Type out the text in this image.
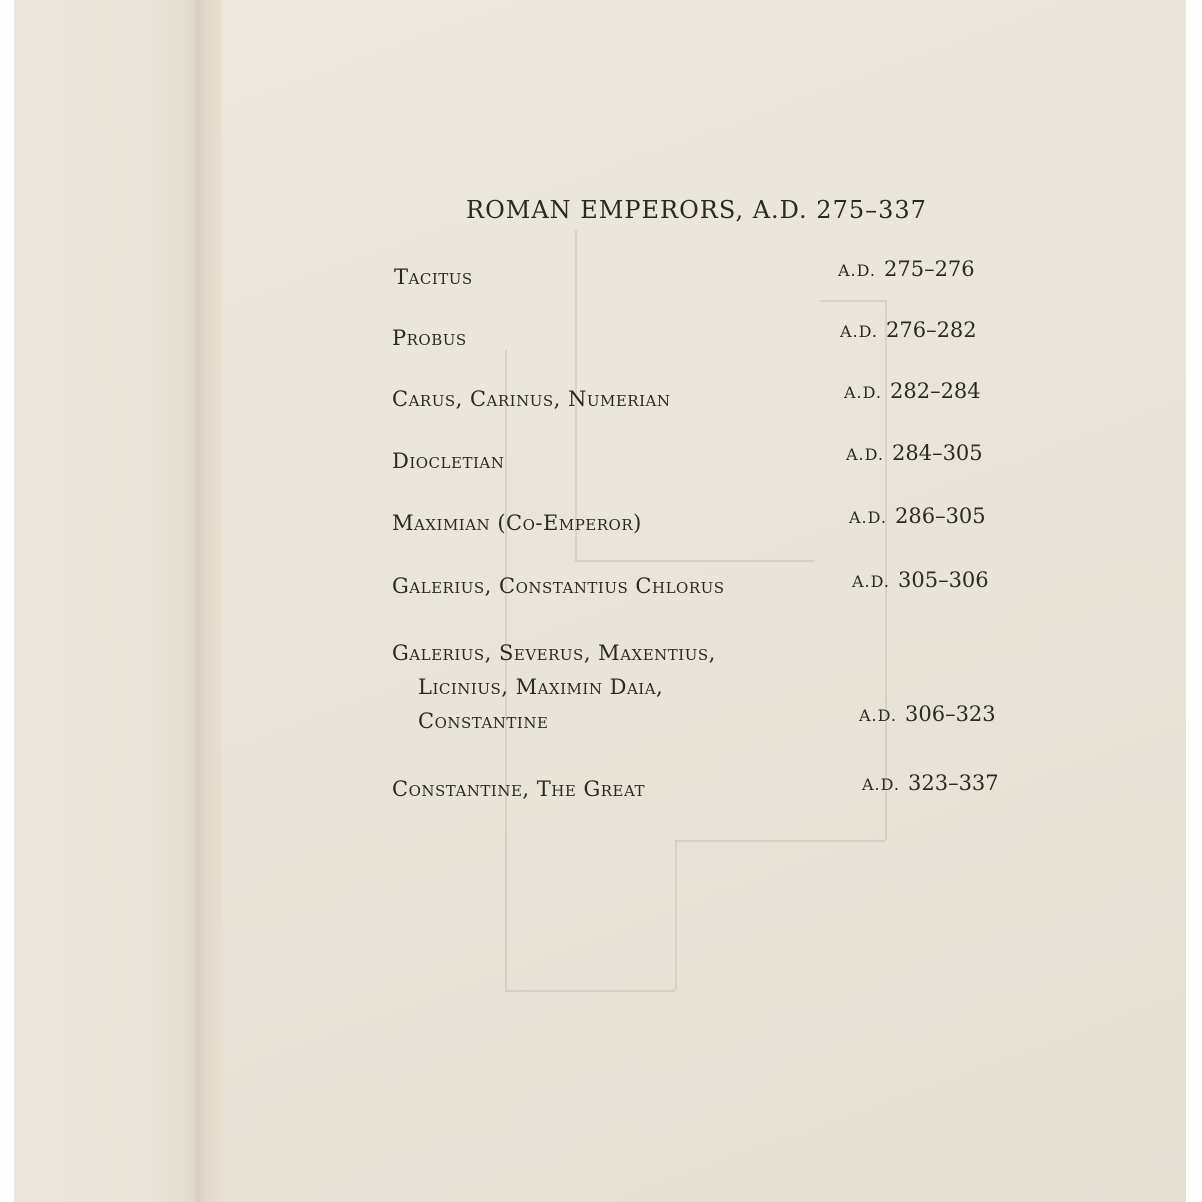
ROMAN EMPERORS, A.D. 275–337
Tacitus	A.D. 275–276
Probus	A.D. 276–282
Carus, Carinus, Numerian	A.D. 282–284
Diocletian	A.D. 284–305
Maximian (Co-Emperor)	A.D. 286–305
Galerius, Constantius Chlorus	A.D. 305–306
Galerius, Severus, Maxentius,
Licinius, Maximin Daia,
Constantine	A.D. 306–323
Constantine, The Great	A.D. 323–337
